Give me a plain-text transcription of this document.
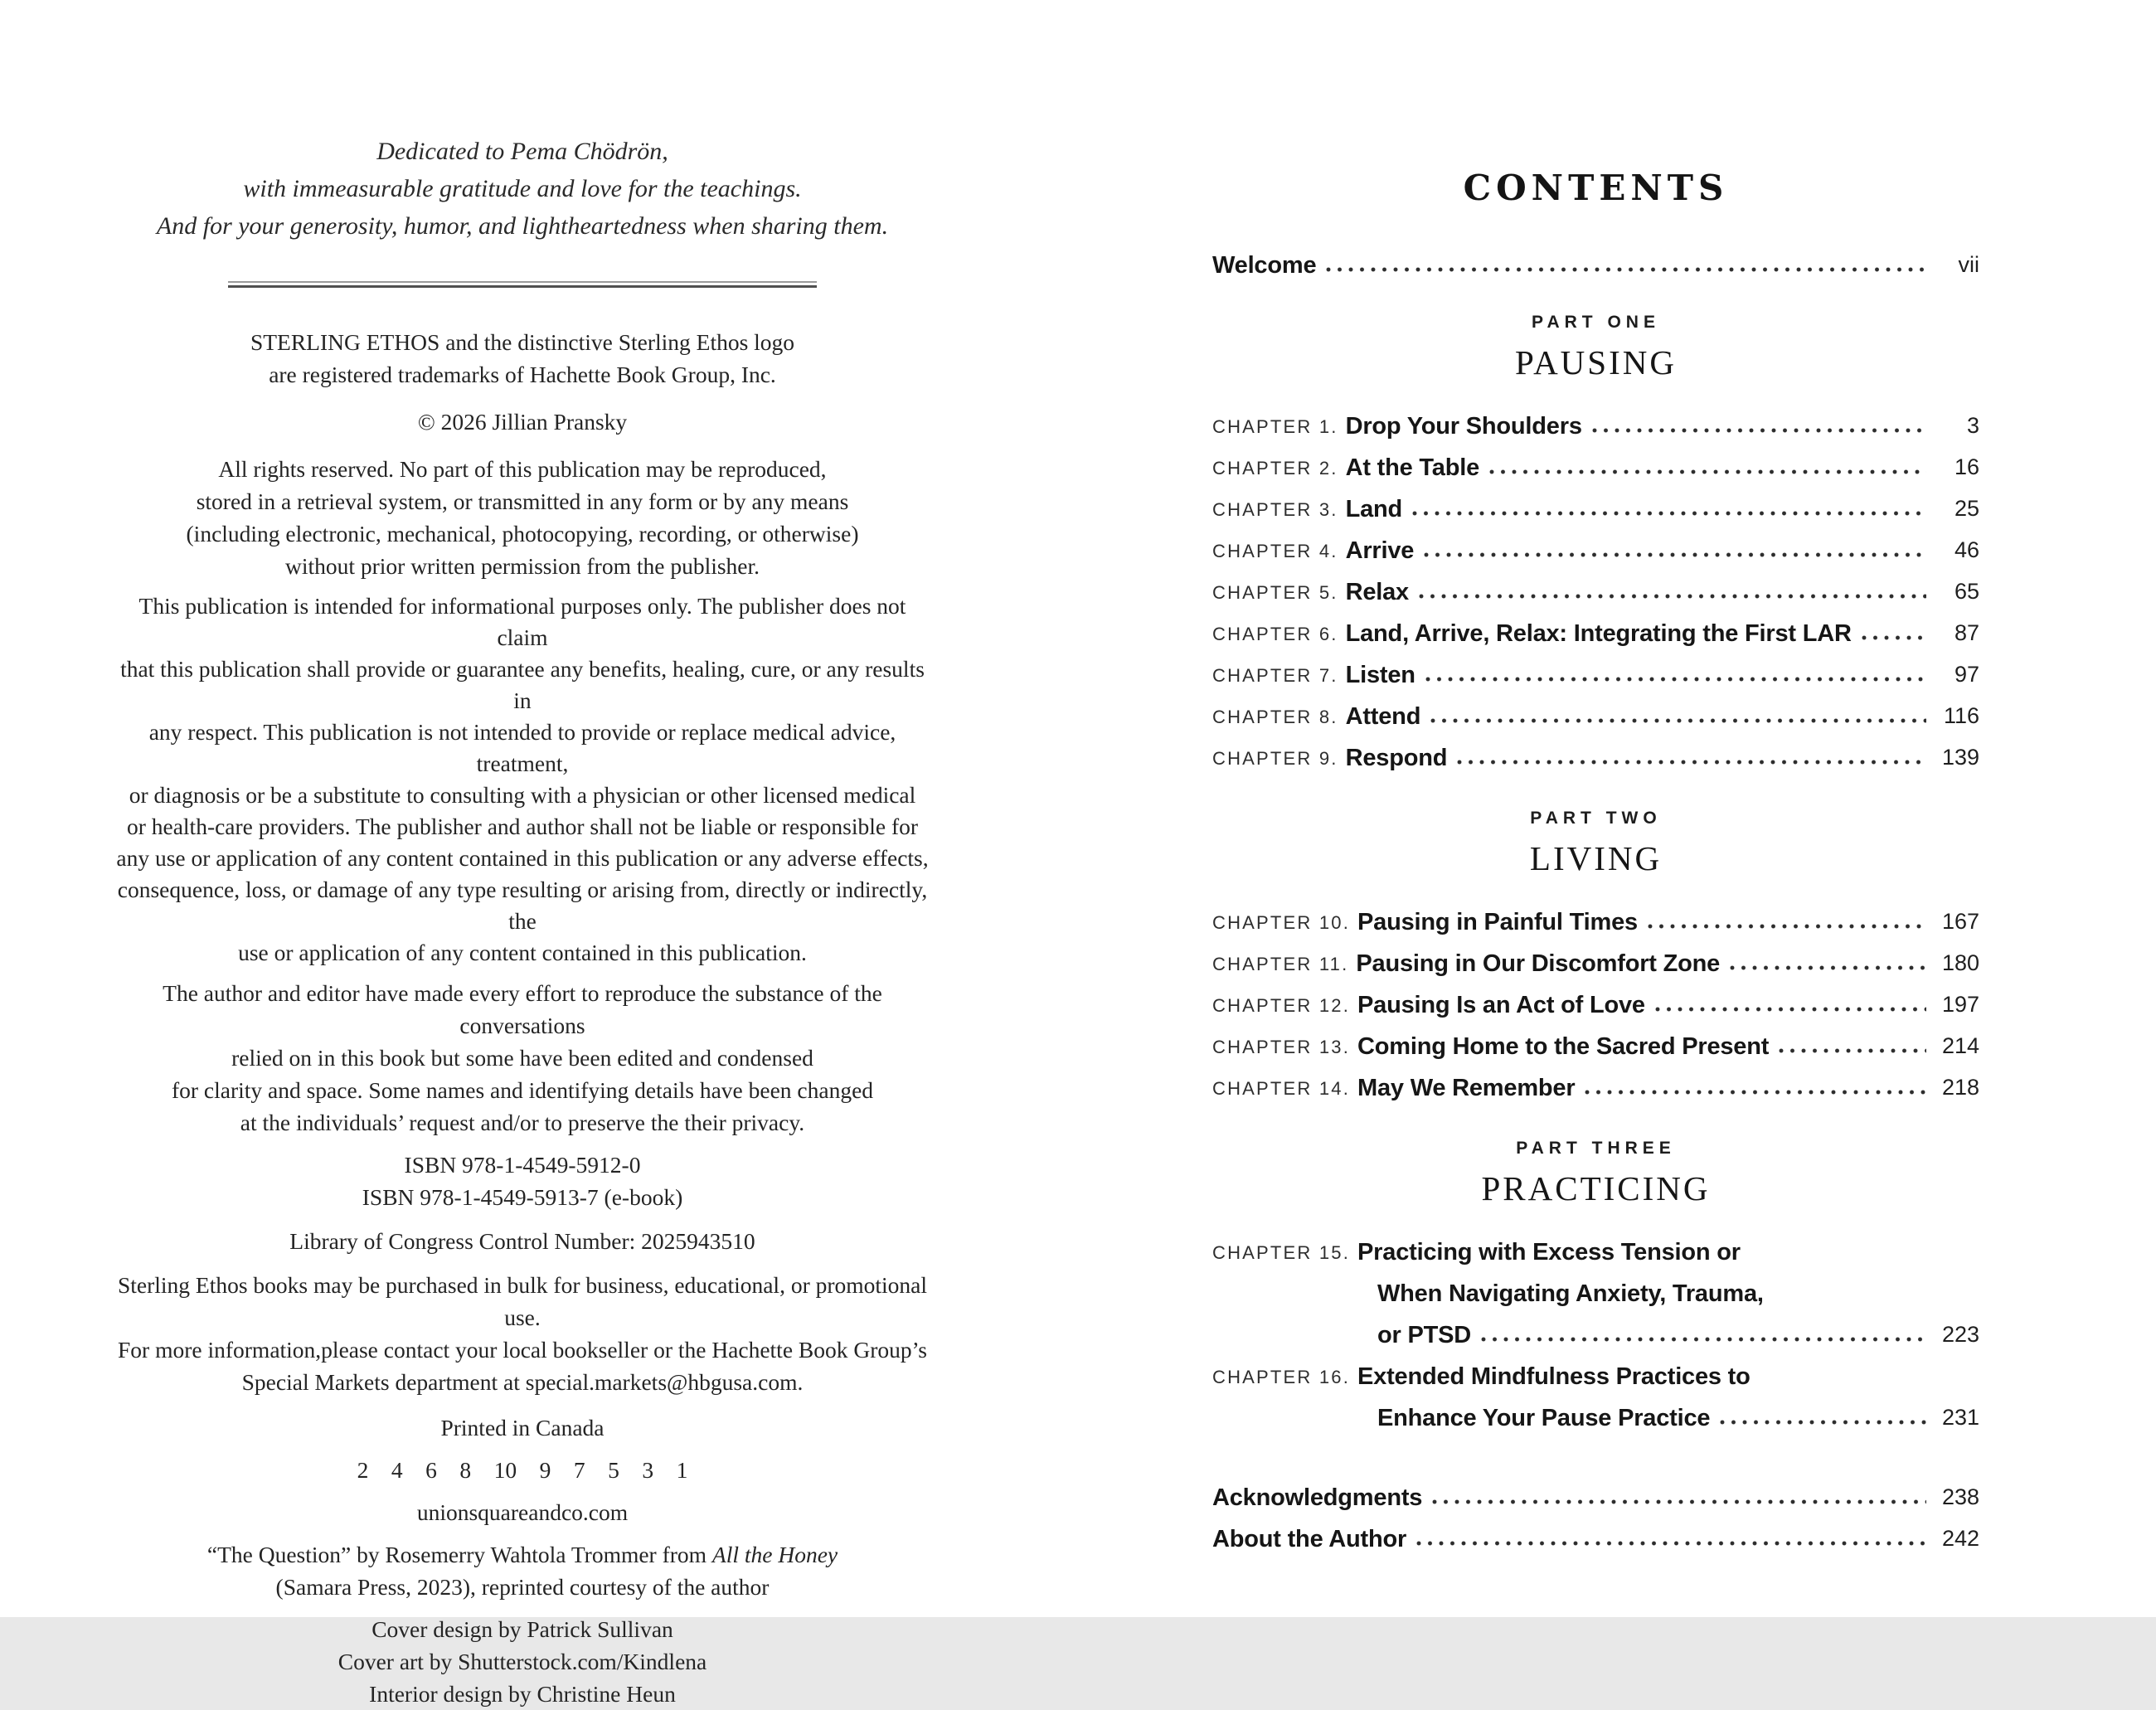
Dedicated to Pema Chödrön,
with immeasurable gratitude and love for the teachings.
And for your generosity, humor, and lightheartedness when sharing them.
STERLING ETHOS and the distinctive Sterling Ethos logo
are registered trademarks of Hachette Book Group, Inc.
© 2026 Jillian Pransky
All rights reserved. No part of this publication may be reproduced,
stored in a retrieval system, or transmitted in any form or by any means
(including electronic, mechanical, photocopying, recording, or otherwise)
without prior written permission from the publisher.
This publication is intended for informational purposes only. The publisher does not claim
that this publication shall provide or guarantee any benefits, healing, cure, or any results in
any respect. This publication is not intended to provide or replace medical advice, treatment,
or diagnosis or be a substitute to consulting with a physician or other licensed medical
or health-care providers. The publisher and author shall not be liable or responsible for
any use or application of any content contained in this publication or any adverse effects,
consequence, loss, or damage of any type resulting or arising from, directly or indirectly, the
use or application of any content contained in this publication.
The author and editor have made every effort to reproduce the substance of the conversations
relied on in this book but some have been edited and condensed
for clarity and space. Some names and identifying details have been changed
at the individuals’ request and/or to preserve the their privacy.
ISBN 978-1-4549-5912-0
ISBN 978-1-4549-5913-7 (e-book)
Library of Congress Control Number: 2025943510
Sterling Ethos books may be purchased in bulk for business, educational, or promotional use.
For more information,please contact your local bookseller or the Hachette Book Group’s
Special Markets department at special.markets@hbgusa.com.
Printed in Canada
2    4    6    8    10    9    7    5    3    1
unionsquareandco.com
“The Question” by Rosemerry Wahtola Trommer from All the Honey
(Samara Press, 2023), reprinted courtesy of the author
Cover design by Patrick Sullivan
Cover art by Shutterstock.com/Kindlena
Interior design by Christine Heun
CONTENTS
Welcome	vii
PART ONE
PAUSING
CHAPTER 1. Drop Your Shoulders	3
CHAPTER 2. At the Table	16
CHAPTER 3. Land	25
CHAPTER 4. Arrive	46
CHAPTER 5. Relax	65
CHAPTER 6. Land, Arrive, Relax: Integrating the First LAR	87
CHAPTER 7. Listen	97
CHAPTER 8. Attend	116
CHAPTER 9. Respond	139
PART TWO
LIVING
CHAPTER 10. Pausing in Painful Times	167
CHAPTER 11. Pausing in Our Discomfort Zone	180
CHAPTER 12. Pausing Is an Act of Love	197
CHAPTER 13. Coming Home to the Sacred Present	214
CHAPTER 14. May We Remember	218
PART THREE
PRACTICING
CHAPTER 15. Practicing with Excess Tension or
When Navigating Anxiety, Trauma,
or PTSD	223
CHAPTER 16. Extended Mindfulness Practices to
Enhance Your Pause Practice	231
Acknowledgments	238
About the Author	242
